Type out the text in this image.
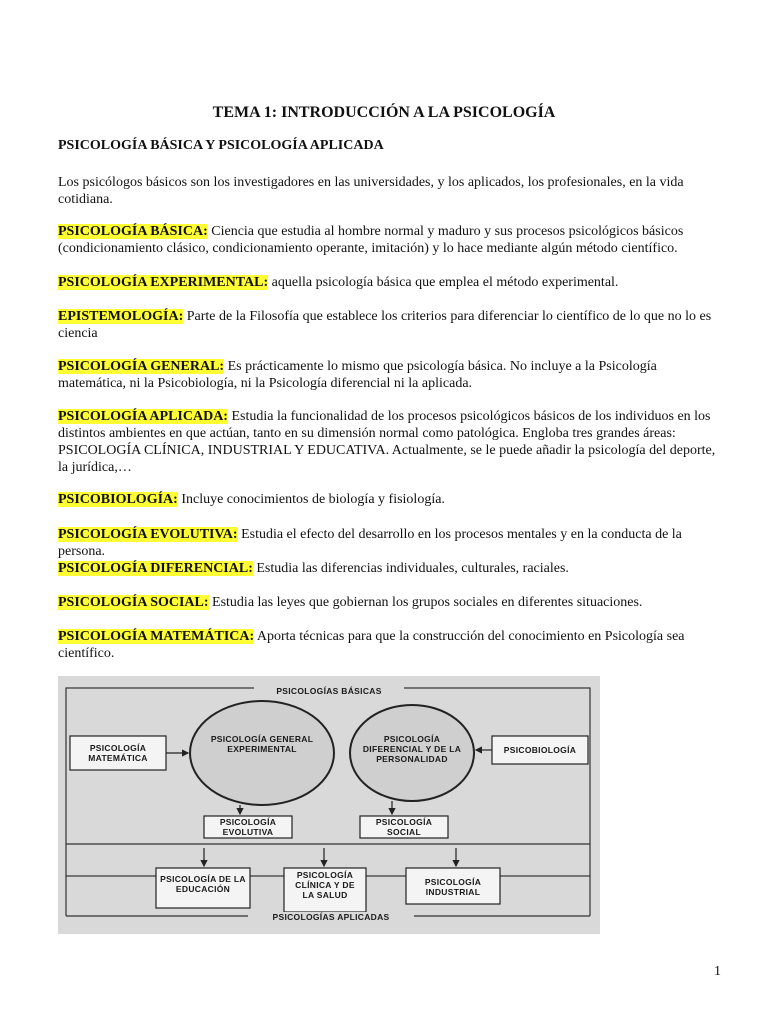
TEMA 1: INTRODUCCIÓN A LA PSICOLOGÍA
PSICOLOGÍA BÁSICA Y PSICOLOGÍA APLICADA
Los psicólogos básicos son los investigadores en las universidades, y los aplicados, los profesionales, en la vida cotidiana.
PSICOLOGÍA BÁSICA: Ciencia que estudia al hombre normal y maduro y sus procesos psicológicos básicos (condicionamiento clásico, condicionamiento operante, imitación) y lo hace mediante algún método científico.
PSICOLOGÍA EXPERIMENTAL: aquella psicología básica que emplea el método experimental.
EPISTEMOLOGÍA: Parte de la Filosofía que establece los criterios para diferenciar lo científico de lo que no lo es ciencia
PSICOLOGÍA GENERAL: Es prácticamente lo mismo que psicología básica. No incluye a la Psicología matemática, ni la Psicobiología, ni la Psicología diferencial ni la aplicada.
PSICOLOGÍA APLICADA: Estudia la funcionalidad de los procesos psicológicos básicos de los individuos en los distintos ambientes en que actúan, tanto en su dimensión normal como patológica. Engloba tres grandes áreas: PSICOLOGÍA CLÍNICA, INDUSTRIAL Y EDUCATIVA. Actualmente, se le puede añadir la psicología del deporte, la jurídica,…
PSICOBIOLOGÍA: Incluye conocimientos de biología y fisiología.
PSICOLOGÍA EVOLUTIVA: Estudia el efecto del desarrollo en los procesos mentales y en la conducta de la persona.
PSICOLOGÍA DIFERENCIAL: Estudia las diferencias individuales, culturales, raciales.
PSICOLOGÍA SOCIAL: Estudia las leyes que gobiernan los grupos sociales en diferentes situaciones.
PSICOLOGÍA MATEMÁTICA: Aporta técnicas para que la construcción del conocimiento en Psicología sea científico.
PSICOLOGÍAS BÁSICAS
PSICOLOGÍA MATEMÁTICA
PSICOLOGÍA GENERAL EXPERIMENTAL
PSICOLOGÍA DIFERENCIAL Y DE LA PERSONALIDAD
PSICOBIOLOGÍA
PSICOLOGÍA EVOLUTIVA
PSICOLOGÍA SOCIAL
PSICOLOGÍA DE LA EDUCACIÓN
PSICOLOGÍA CLÍNICA Y DE LA SALUD
PSICOLOGÍA INDUSTRIAL
PSICOLOGÍAS APLICADAS
1
